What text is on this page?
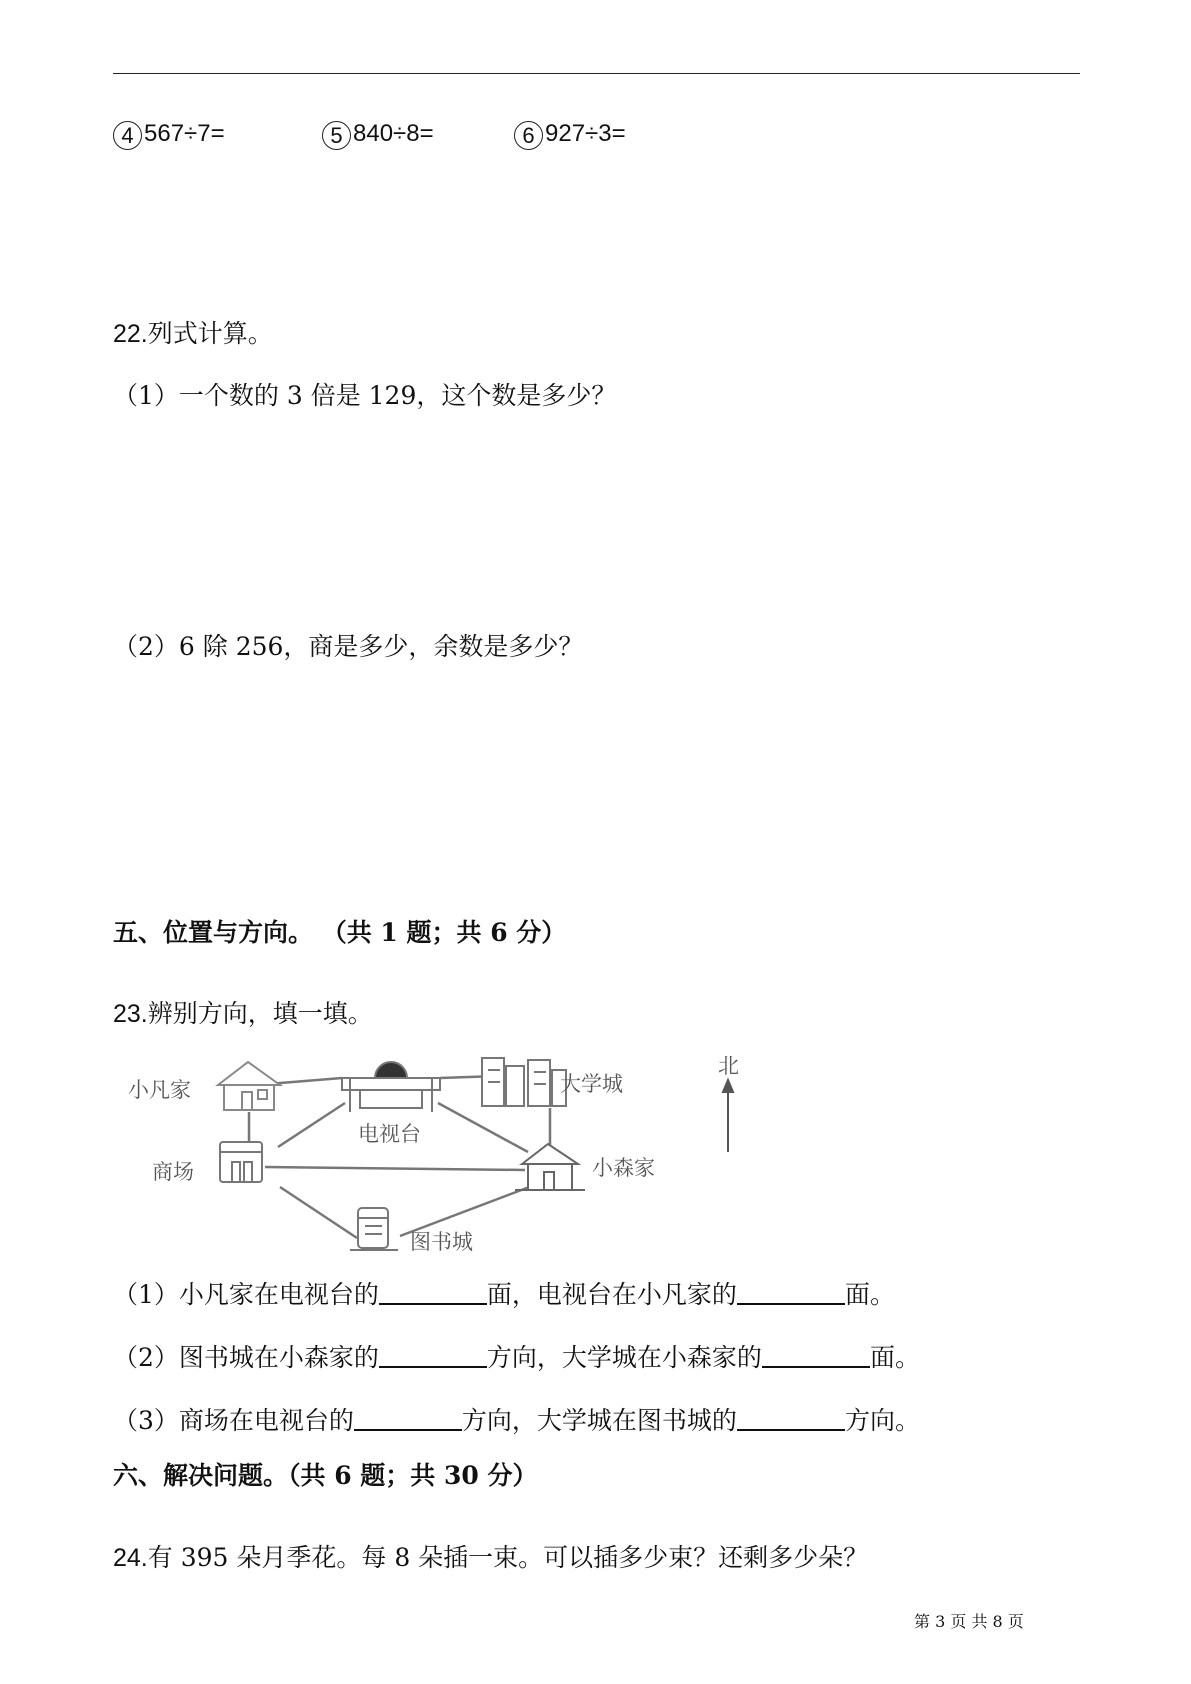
4 567÷7=	5 840÷8=	6 927÷3=
22.列式计算。
（1）一个数的 3 倍是 129，这个数是多少？
（2）6 除 256，商是多少，余数是多少？
五、位置与方向。 （共 1 题；共 6 分）
23.辨别方向，填一填。
小凡家
电视台
大学城
商场	小森家
图书城
北
（1）小凡家在电视台的	面，电视台在小凡家的	面。
（2）图书城在小森家的	方向，大学城在小森家的	面。
（3）商场在电视台的	方向，大学城在图书城的	方向。
六、解决问题。（共 6 题；共 30 分）
24.有 395 朵月季花。每 8 朵插一束。可以插多少束？还剩多少朵？
第 3 页 共 8 页
